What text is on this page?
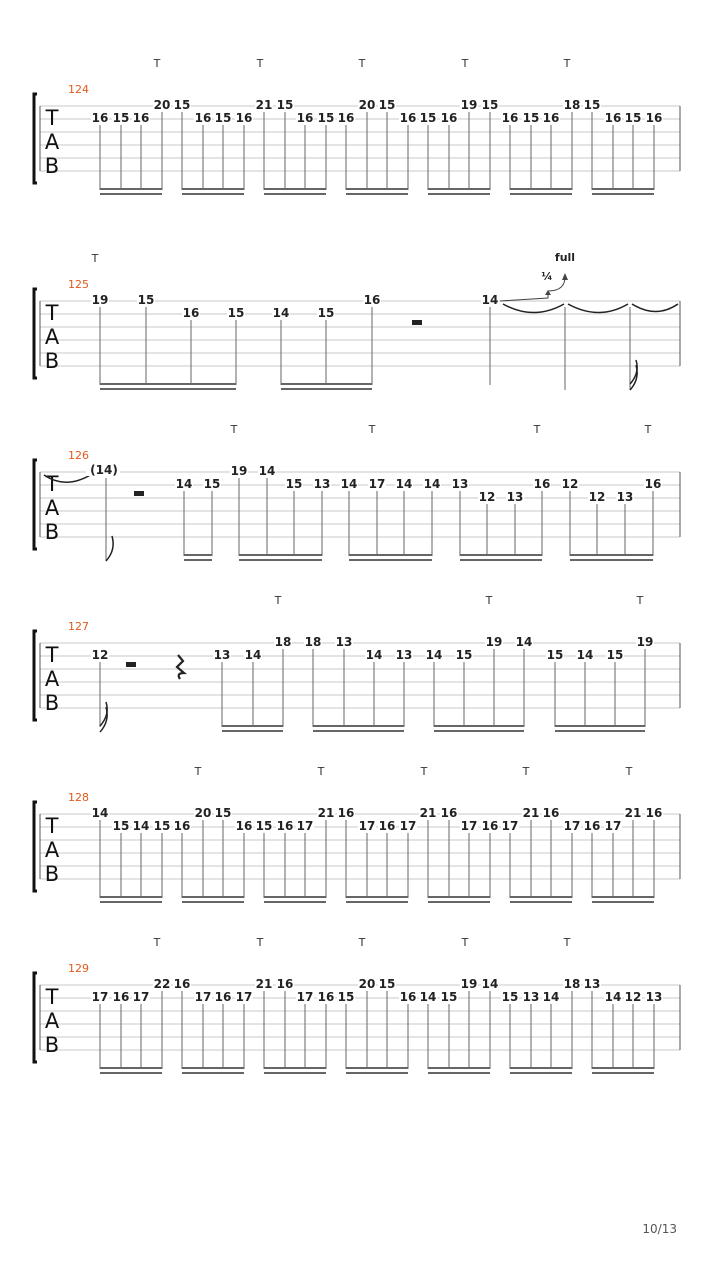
T
A
B
124
T	T	T	T	T
16 15 16
20 15
16 15 16
21 15
16 15 16
20 15
16 15 16
19 15
16 15 16
18 15
16 15 16
T
A
B
125
T
19 15
16 15 14 15
16	14
T
A
B
126
T	T	T	T
14 15
19 14
15 13 14 17 14 14 13
12 13
16 12
12 13
16
T
A
B
127
T	T	T
12	13 14
18 18 13
14 13 14 15
19 14
15 14 15
19
T
A
B
128
T	T	T	T	T
14
15 14 15 16
20 15
16 15 16 17
21 16
17 16 17
21 16
17 16 17
21 16
17 16 17
21 16
T
A
B
129
T	T	T	T	T
17 16 17
22 16
17 16 17
21 16
17 16 15
20 15
16 14 15
19 14
15 13 14
18 13
14 12 13
¼
full
(14)
10/13
